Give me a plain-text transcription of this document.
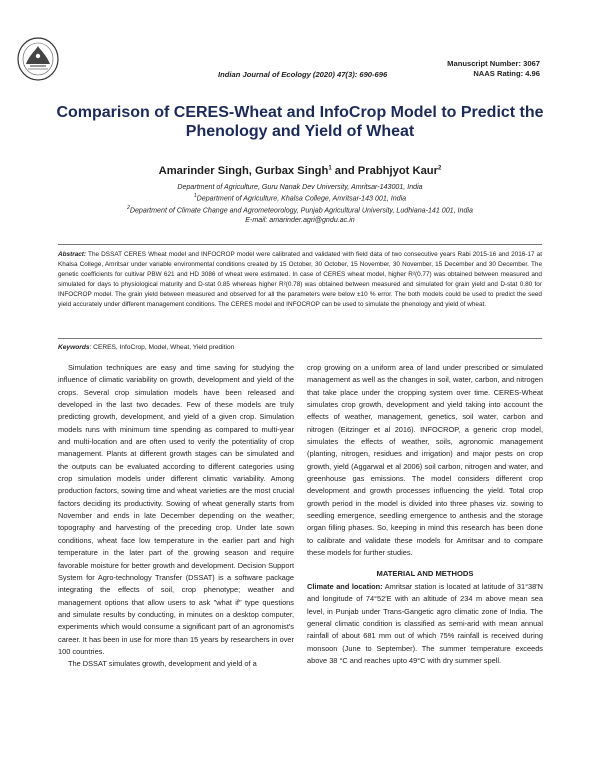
Indian Journal of Ecology (2020) 47(3): 690-696
Manuscript Number: 3067
NAAS Rating: 4.96
Comparison of CERES-Wheat and InfoCrop Model to Predict the Phenology and Yield of Wheat
Amarinder Singh, Gurbax Singh$^1$ and Prabhjyot Kaur$^2$
Department of Agriculture, Guru Nanak Dev University, Amritsar-143001, India
$^1$Department of Agriculture, Khalsa College, Amritsar-143 001, India
$^2$Department of Climate Change and Agrometeorology, Punjab Agricultural University, Ludhiana-141 001, India
E-mail: amarinder.agri@gndu.ac.in
Abstract: The DSSAT CERES Wheat model and INFOCROP model were calibrated and validated with field data of two consecutive years Rabi 2015-16 and 2016-17 at Khalsa College, Amritsar under variable environmental conditions created by 15 October, 30 October, 15 November, 30 November, 15 December and 30 December. The genetic coefficients for cultivar PBW 621 and HD 3086 of wheat were estimated. In case of CERES wheat model, higher R²(0.77) was obtained between measured and simulated for days to physiological maturity and D-stat 0.85 whereas higher R²(0.78) was obtained between measured and simulated for grain yield and D-stat 0.80 for INFOCROP model. The grain yield between measured and observed for all the parameters were below ±10 % error. The both models could be used to predict the seed yield accurately under different management conditions. The CERES model and INFOCROP can be used to simulate the phenology and yield of wheat.
Keywords: CERES, InfoCrop, Model, Wheat, Yield predition

Simulation techniques are easy and time saving for studying the influence of climatic variability on growth, development and yield of the crops. Several crop simulation models have been released and developed in the last two decades. Few of these models are truly predicting growth, development, and yield of a given crop. Simulation models runs with minimum time spending as compared to multi-year and multi-location and are often used to verify the potentiality of crop management. Plants at different growth stages can be simulated and the outputs can be evaluated according to different categories using crop simulation models under different climatic variability. Among production factors, sowing time and wheat varieties are the most crucial factors deciding its productivity. Sowing of wheat generally starts from November and ends in late December depending on the weather; topography and harvesting of the preceding crop. Under late sown conditions, wheat face low temperature in the earlier part and high temperature in the later part of the growing season and require favorable moisture for better growth and development. Decision Support System for Agro-technology Transfer (DSSAT) is a software package integrating the effects of soil, crop phenotype; weather and management options that allow users to ask "what if" type questions and simulate results by conducting, in minutes on a desktop computer, experiments which would consume a significant part of an agronomist's career. It has been in use for more than 15 years by researchers in over 100 countries.

The DSSAT simulates growth, development and yield of a

crop growing on a uniform area of land under prescribed or simulated management as well as the changes in soil, water, carbon, and nitrogen that take place under the cropping system over time. CERES-Wheat simulates crop growth, development and yield taking into account the effects of weather, management, genetics, soil water, carbon and nitrogen (Eitzinger et al 2016). INFOCROP, a generic crop model, simulates the effects of weather, soils, agronomic management (planting, nitrogen, residues and irrigation) and major pests on crop growth, yield (Aggarwal et al 2006) soil carbon, nitrogen and water, and greenhouse gas emissions. The model considers different crop development and growth processes influencing the yield. Total crop growth period in the model is divided into three phases viz. sowing to seedling emergence, seedling emergence to anthesis and the storage organ filling phases. So, keeping in mind this research has been done to calibrate and validate these models for Amritsar and to compare these models for further studies.

MATERIAL AND METHODS

Climate and location: Amritsar station is located at latitude of 31°38'N and longitude of 74°52'E with an altitude of 234 m above mean sea level, in Punjab under Trans-Gangetic agro climatic zone of India. The general climatic condition is classified as semi-arid with mean annual rainfall of about 681 mm out of which 75% rainfall is received during monsoon (June to September). The summer temperature exceeds above 38 °C and reaches upto 49°C with dry summer spell.
